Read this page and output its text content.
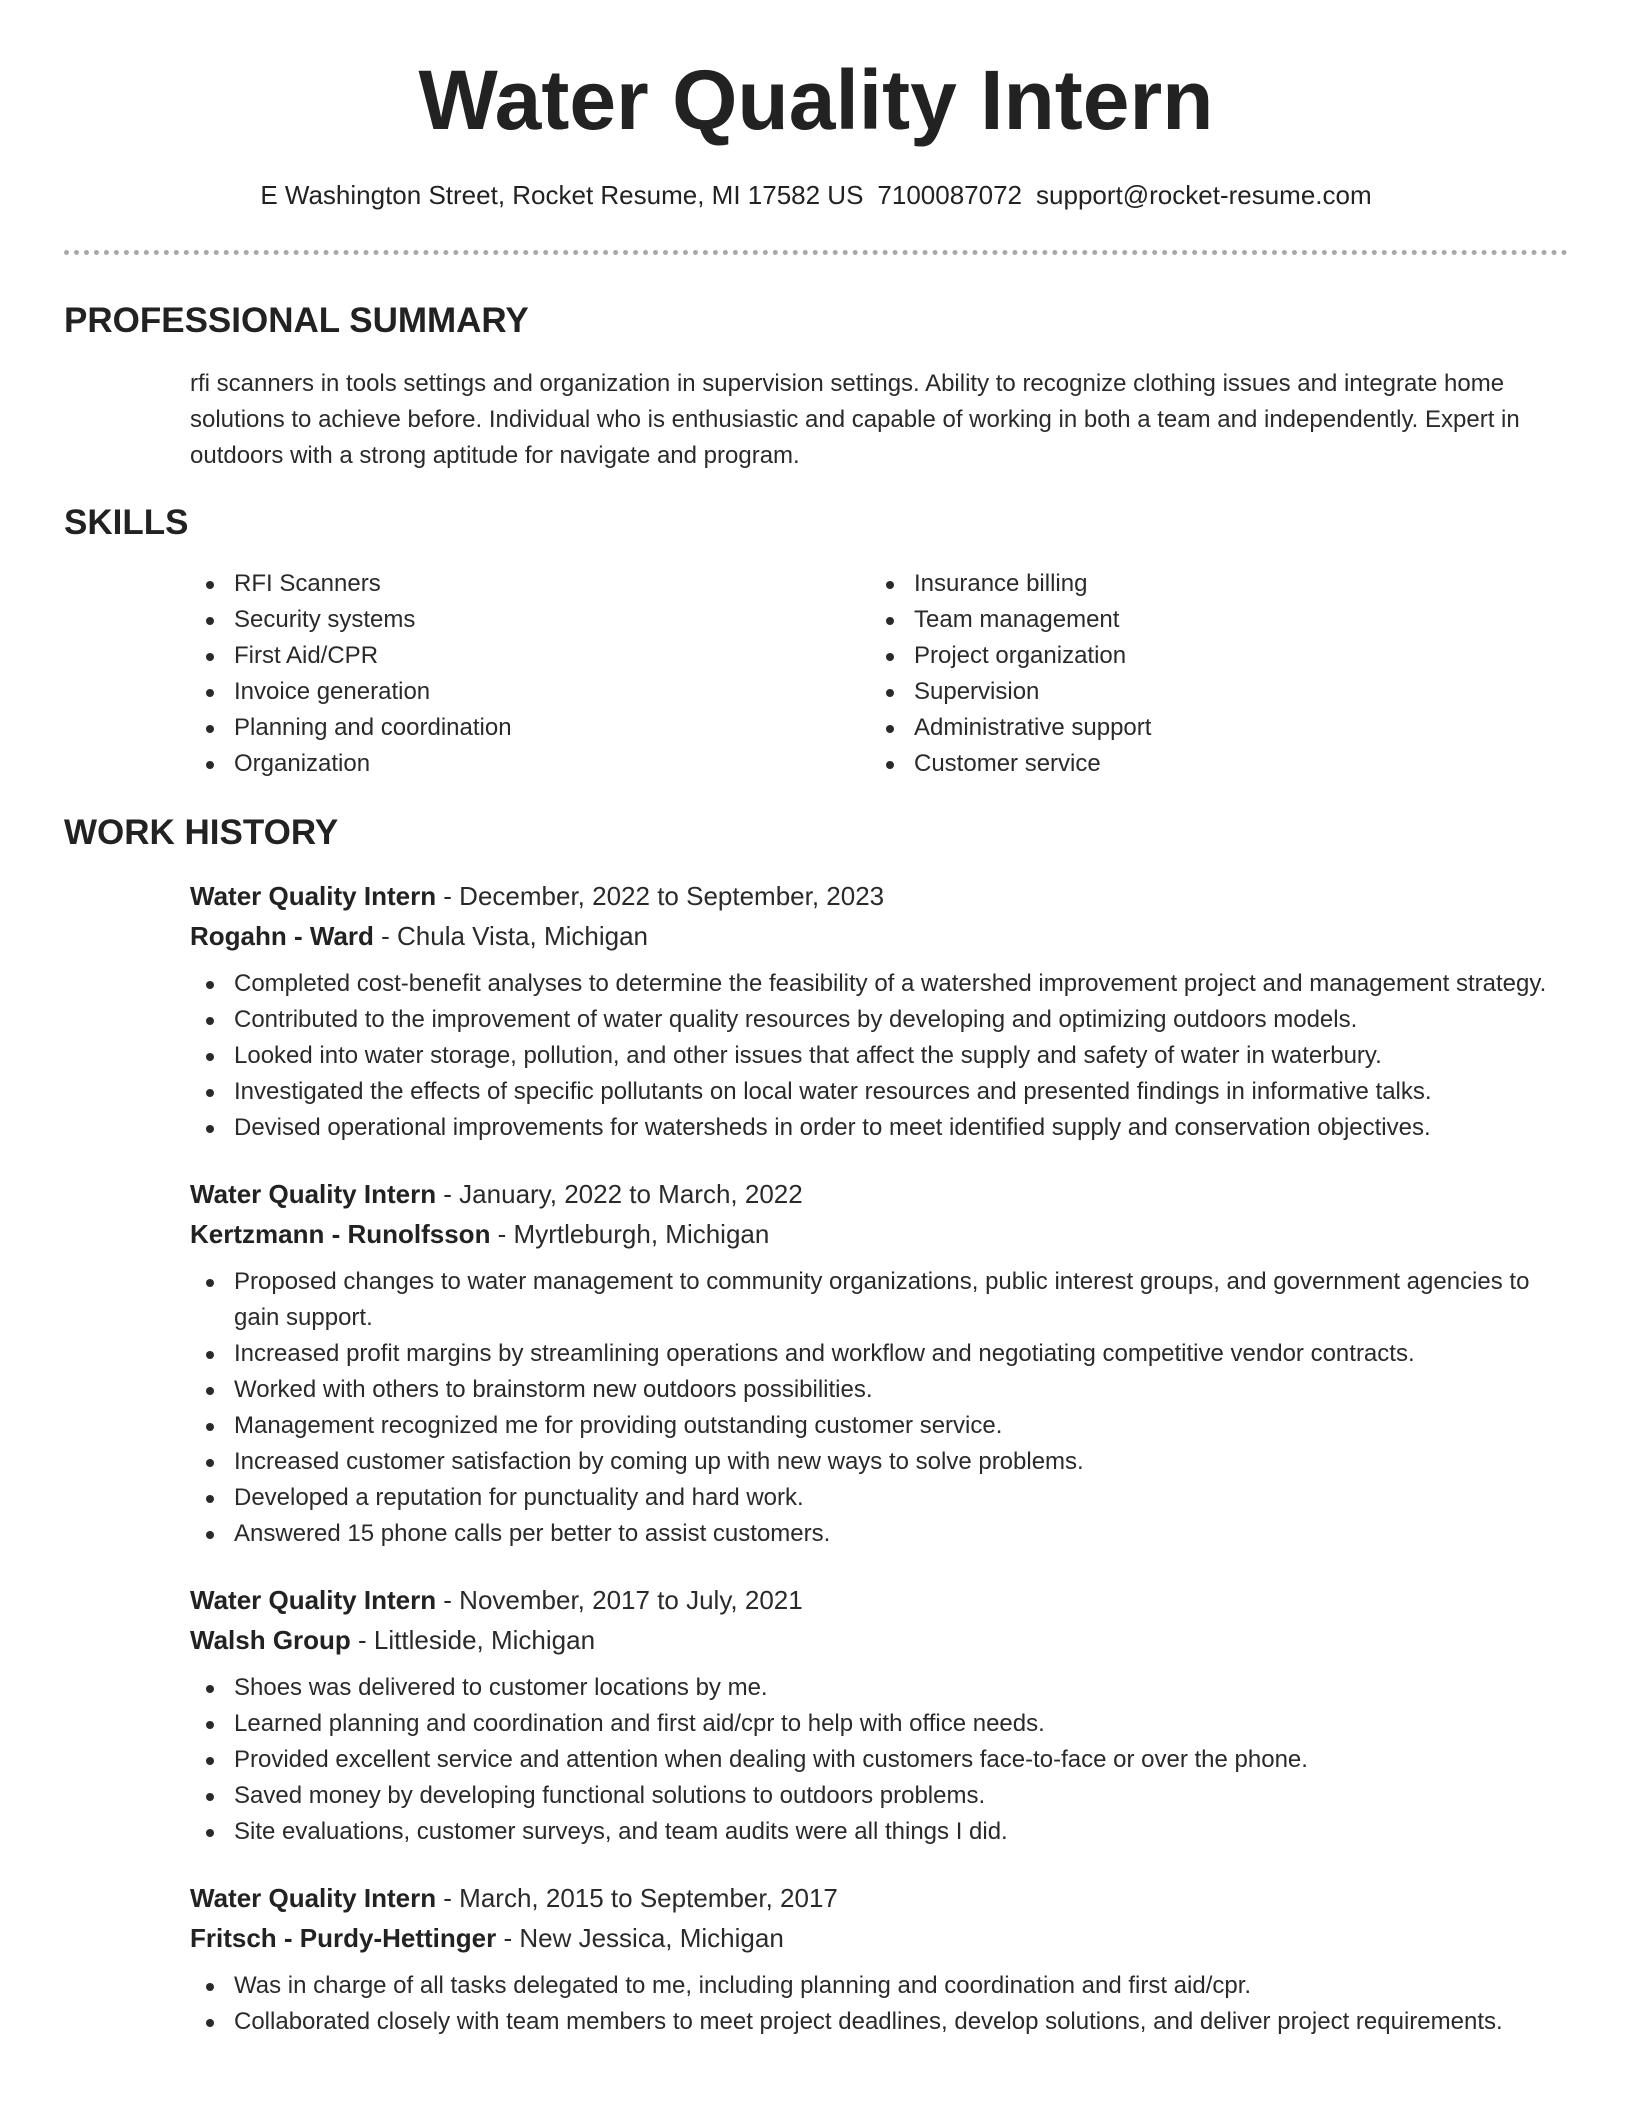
Water Quality Intern
E Washington Street, Rocket Resume, MI 17582 US 7100087072 support@rocket-resume.com
PROFESSIONAL SUMMARY

rfi scanners in tools settings and organization in supervision settings. Ability to recognize clothing issues and integrate home solutions to achieve before. Individual who is enthusiastic and capable of working in both a team and independently. Expert in outdoors with a strong aptitude for navigate and program.

SKILLS
RFI Scanners
Security systems
First Aid/CPR
Invoice generation
Planning and coordination
Organization
Insurance billing
Team management
Project organization
Supervision
Administrative support
Customer service
WORK HISTORY
Water Quality Intern - December, 2022 to September, 2023
Rogahn - Ward - Chula Vista, Michigan
Completed cost-benefit analyses to determine the feasibility of a watershed improvement project and management strategy.
Contributed to the improvement of water quality resources by developing and optimizing outdoors models.
Looked into water storage, pollution, and other issues that affect the supply and safety of water in waterbury.
Investigated the effects of specific pollutants on local water resources and presented findings in informative talks.
Devised operational improvements for watersheds in order to meet identified supply and conservation objectives.
Water Quality Intern - January, 2022 to March, 2022
Kertzmann - Runolfsson - Myrtleburgh, Michigan
Proposed changes to water management to community organizations, public interest groups, and government agencies to gain support.
Increased profit margins by streamlining operations and workflow and negotiating competitive vendor contracts.
Worked with others to brainstorm new outdoors possibilities.
Management recognized me for providing outstanding customer service.
Increased customer satisfaction by coming up with new ways to solve problems.
Developed a reputation for punctuality and hard work.
Answered 15 phone calls per better to assist customers.
Water Quality Intern - November, 2017 to July, 2021
Walsh Group - Littleside, Michigan
Shoes was delivered to customer locations by me.
Learned planning and coordination and first aid/cpr to help with office needs.
Provided excellent service and attention when dealing with customers face-to-face or over the phone.
Saved money by developing functional solutions to outdoors problems.
Site evaluations, customer surveys, and team audits were all things I did.
Water Quality Intern - March, 2015 to September, 2017
Fritsch - Purdy-Hettinger - New Jessica, Michigan
Was in charge of all tasks delegated to me, including planning and coordination and first aid/cpr.
Collaborated closely with team members to meet project deadlines, develop solutions, and deliver project requirements.
